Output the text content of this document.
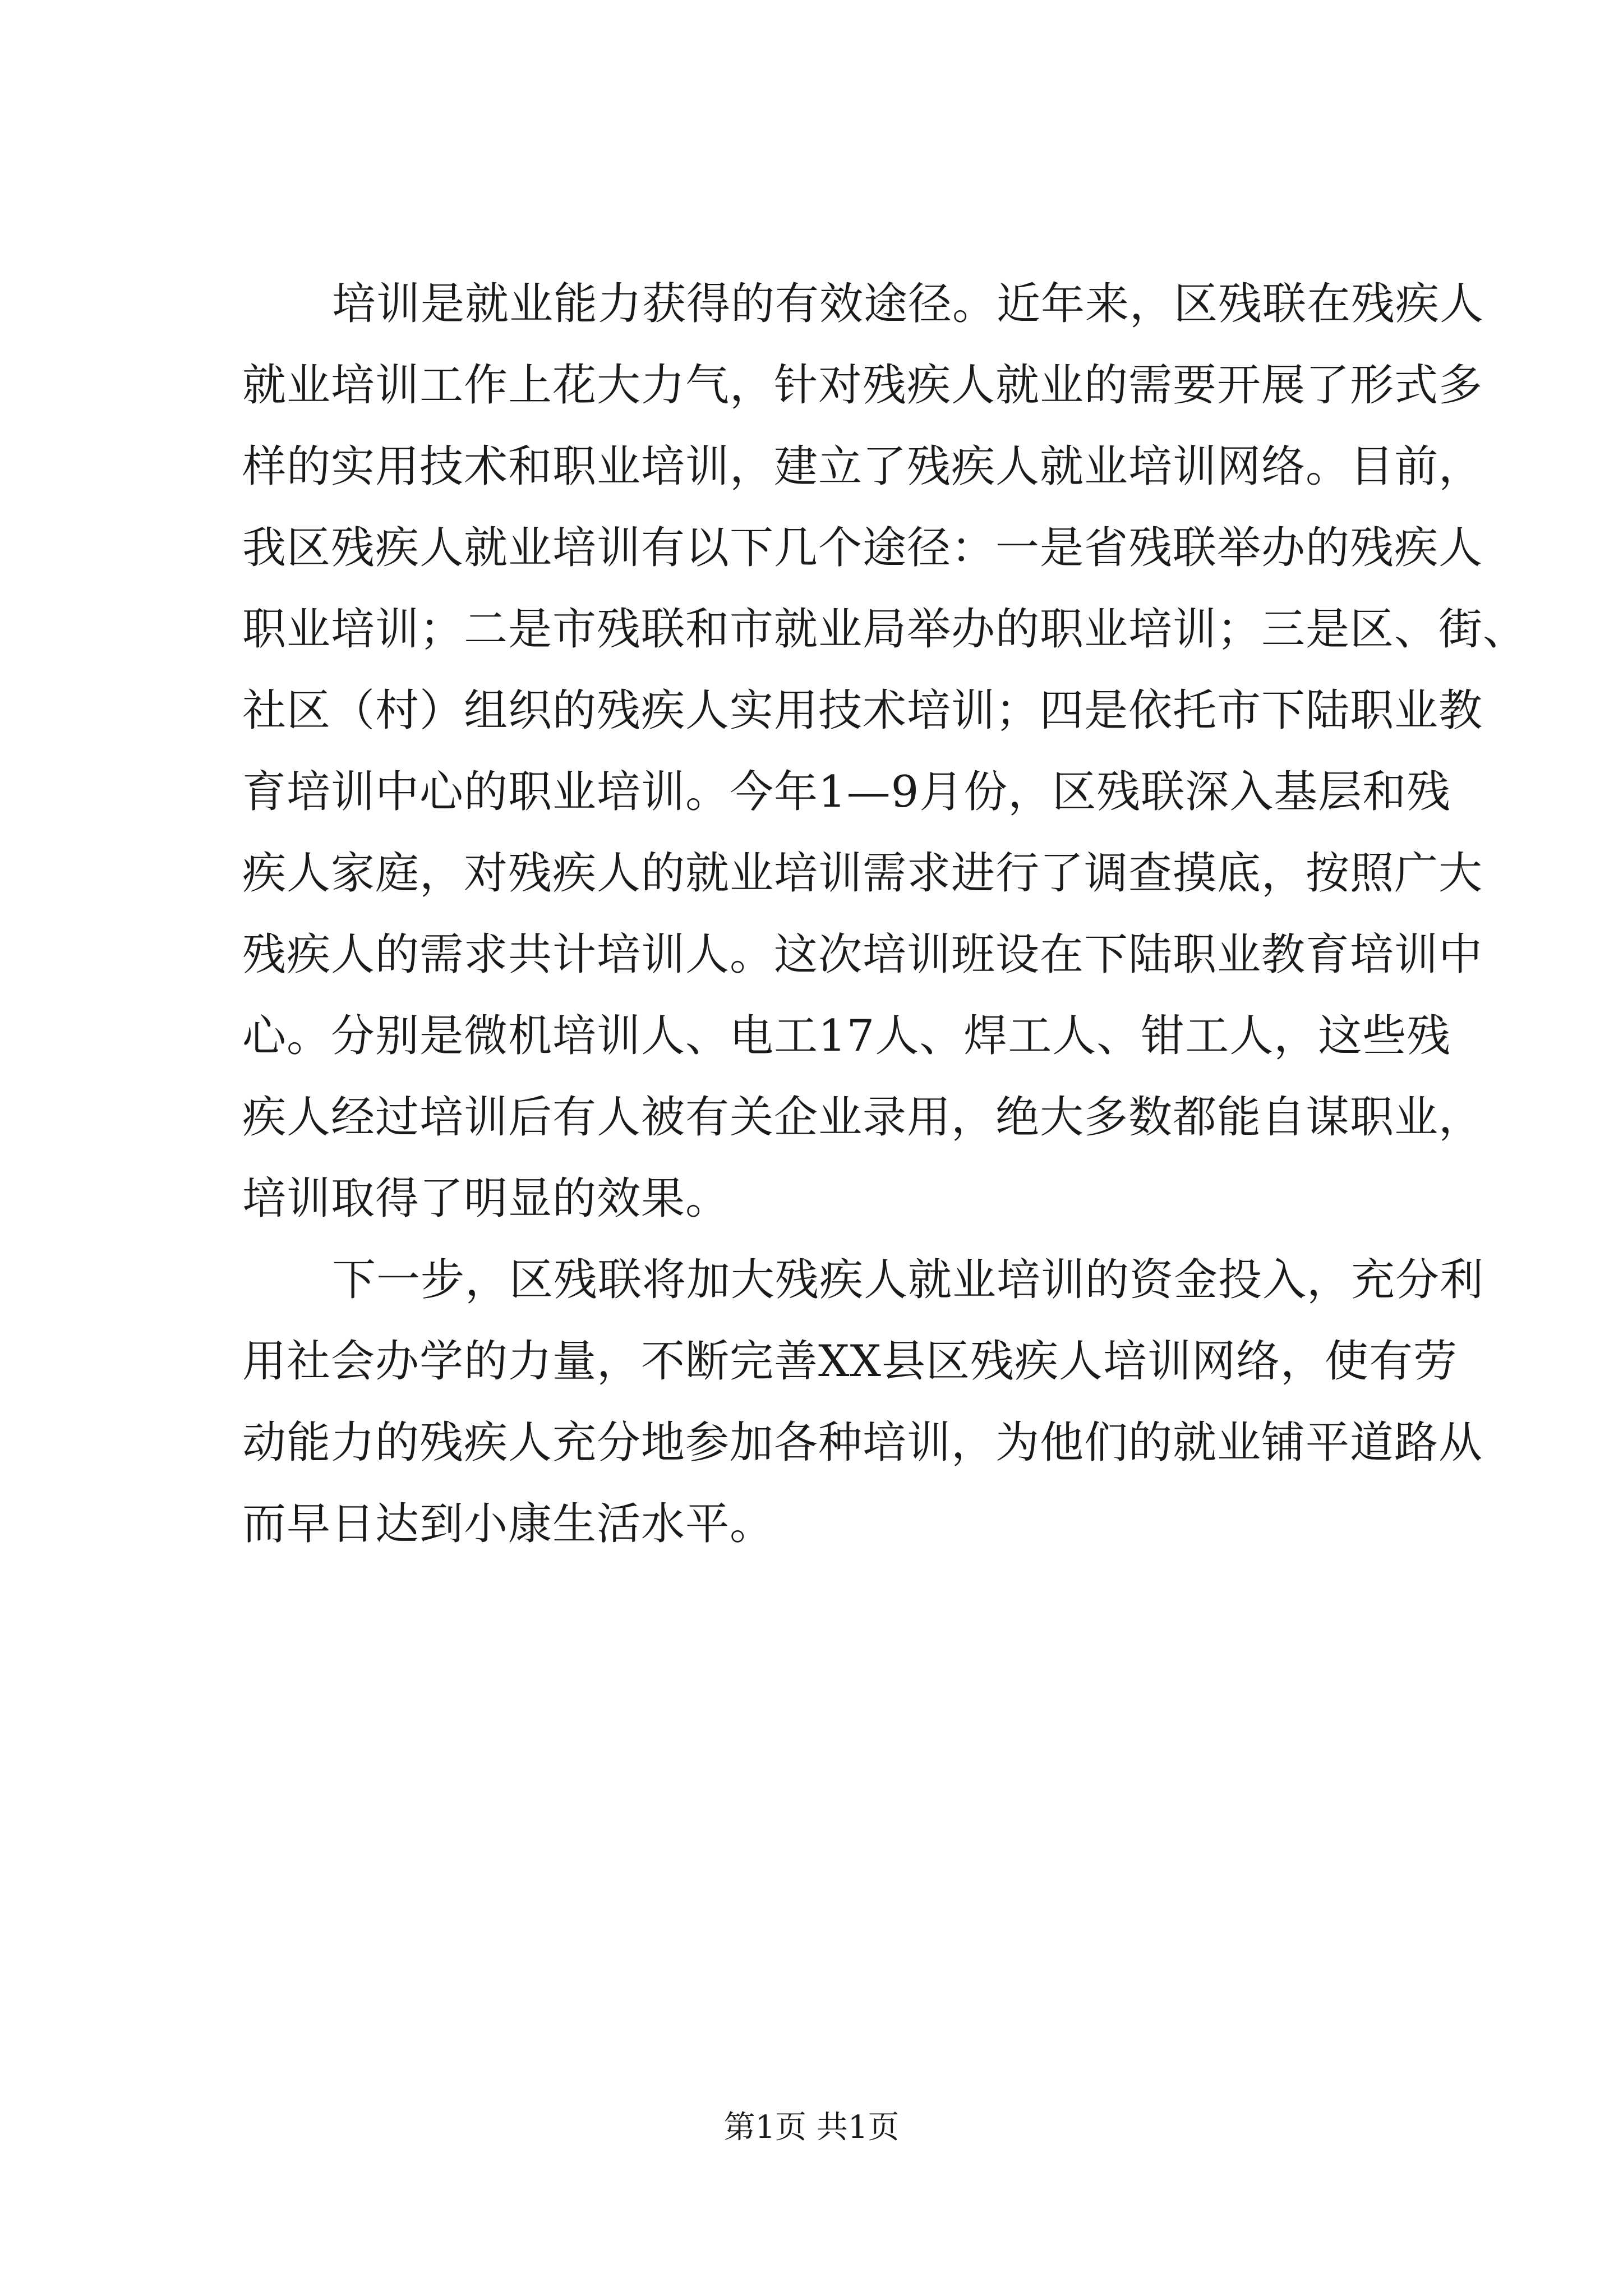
培训是就业能力获得的有效途径。近年来，区残联在残疾人
就业培训工作上花大力气，针对残疾人就业的需要开展了形式多
样的实用技术和职业培训，建立了残疾人就业培训网络。目前，
我区残疾人就业培训有以下几个途径：一是省残联举办的残疾人
职业培训；二是市残联和市就业局举办的职业培训；三是区、街、
社区（村）组织的残疾人实用技术培训；四是依托市下陆职业教
育培训中心的职业培训。今年1—9月份，区残联深入基层和残
疾人家庭，对残疾人的就业培训需求进行了调查摸底，按照广大
残疾人的需求共计培训人。这次培训班设在下陆职业教育培训中
心。分别是微机培训人、电工17人、焊工人、钳工人，这些残
疾人经过培训后有人被有关企业录用，绝大多数都能自谋职业，
培训取得了明显的效果。
下一步，区残联将加大残疾人就业培训的资金投入，充分利
用社会办学的力量，不断完善XX县区残疾人培训网络，使有劳
动能力的残疾人充分地参加各种培训，为他们的就业铺平道路从
而早日达到小康生活水平。
第1页 共1页
